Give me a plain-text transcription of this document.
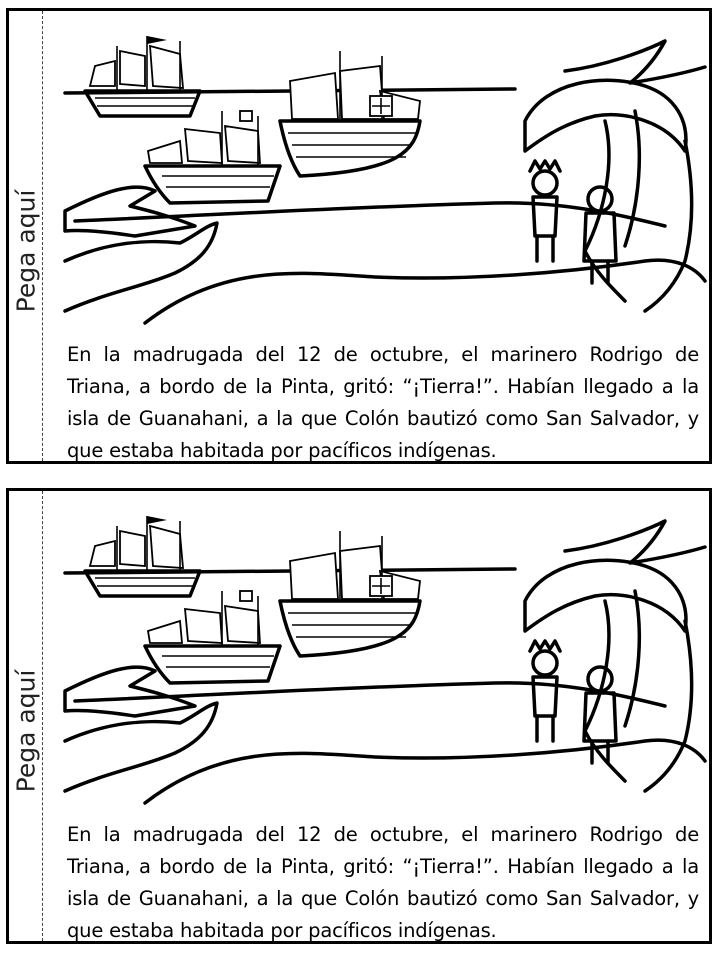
Pega aquí
En la madrugada del 12 de octubre, el marinero Rodrigo de Triana, a bordo de la Pinta, gritó: “¡Tierra!”. Habían llegado a la isla de Guanahani, a la que Colón bautizó como San Salvador, y que estaba habitada por pacíficos indígenas.
Pega aquí
En la madrugada del 12 de octubre, el marinero Rodrigo de Triana, a bordo de la Pinta, gritó: “¡Tierra!”. Habían llegado a la isla de Guanahani, a la que Colón bautizó como San Salvador, y que estaba habitada por pacíficos indígenas.
